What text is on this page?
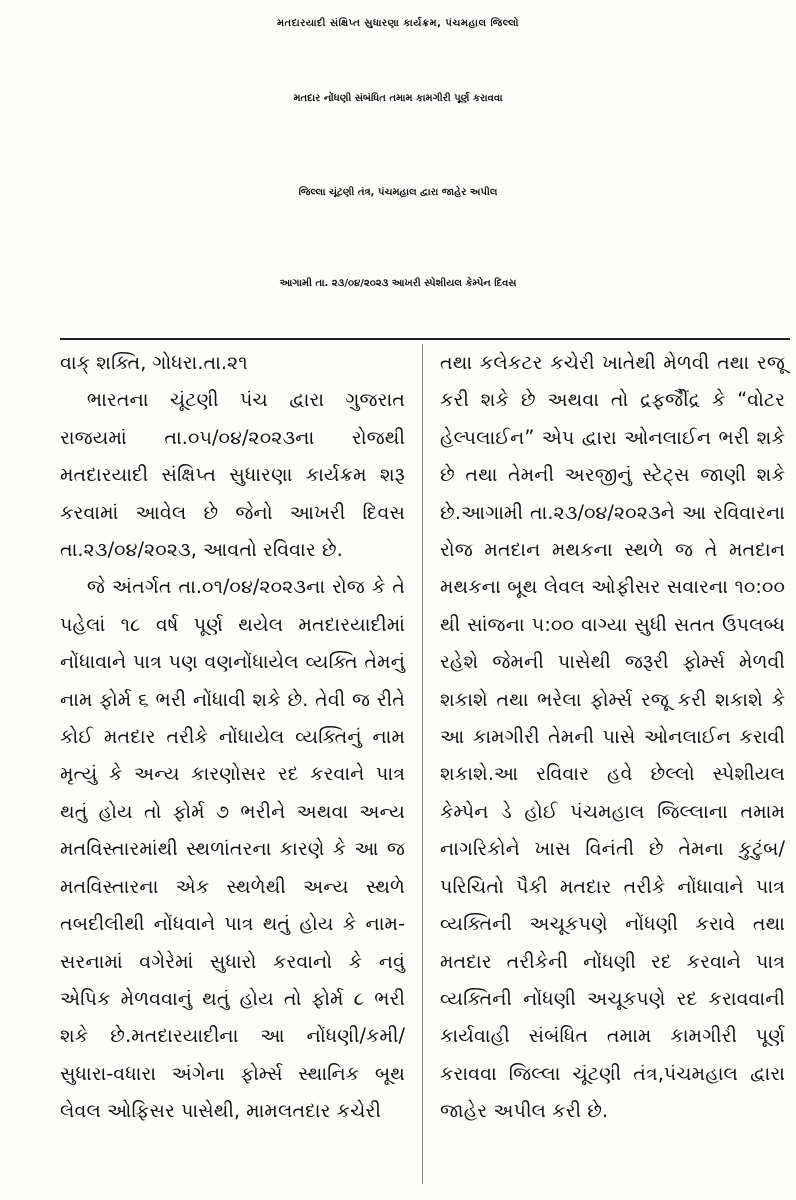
મતદારયાદી સંક્ષિપ્ત સુધારણા કાર્યક્રમ, પંચમહાલ જિલ્લો
મતદાર નોંધણી સંબંધિત તમામ કામગીરી પૂર્ણ કરાવવા
જિલ્લા ચૂંટણી તંત્ર, પંચમહાલ દ્વારા જાહેર અપીલ
આગામી તા. ૨૩/૦૪/૨૦૨૩ આખરી સ્પેશીયલ કેમ્પેન દિવસ
વાક્ શક્તિ, ગોધરા.તા.૨૧

ભારતના ચૂંટણી પંચ દ્વારા ગુજરાત રાજયમાં તા.૦૫/૦૪/૨૦૨૩ના રોજથી મતદારયાદી સંક્ષિપ્ત સુધારણા કાર્યક્રમ શરૂ કરવામાં આવેલ છે જેનો આખરી દિવસ તા.૨૩/૦૪/૨૦૨૩, આવતો રવિવાર છે.

જે અંતર્ગત તા.૦૧/૦૪/૨૦૨૩ના રોજ કે તે પહેલાં ૧૮ વર્ષ પૂર્ણ થયેલ મતદારયાદીમાં નોંધાવાને પાત્ર પણ વણનોંધાયેલ વ્યક્તિ તેમનું નામ ફોર્મ ૬ ભરી નોંધાવી શકે છે. તેવી જ રીતે કોઈ મતદાર તરીકે નોંધાયેલ વ્યક્તિનું નામ મૃત્યું કે અન્ય કારણોસર રદ કરવાને પાત્ર થતું હોય તો ફોર્મ ૭ ભરીને અથવા અન્ય મતવિસ્તારમાંથી સ્થળાંતરના કારણે કે આ જ મતવિસ્તારના એક સ્થળેથી અન્ય સ્થળે તબદીલીથી નોંધવાને પાત્ર થતું હોય કે નામ-સરનામાં વગેરેમાં સુધારો કરવાનો કે નવું એપિક મેળવવાનું થતું હોય તો ફોર્મ ૮ ભરી શકે છે.મતદારયાદીના આ નોંધણી/કમી/સુધારા-વધારા અંગેના ફોર્મ્સ સ્થાનિક બૂથ લેવલ ઓફિસર પાસેથી, મામલતદાર કચેરી

તથા કલેકટર કચેરી ખાતેથી મેળવી તથા રજૂ કરી શકે છે અથવા તો દ્રફજીૈંદ્ર કે “વોટર હેલ્પલાઈન” એપ દ્વારા ઓનલાઈન ભરી શકે છે તથા તેમની અરજીનું સ્ટેટ્સ જાણી શકે છે.આગામી તા.૨૩/૦૪/૨૦૨૩ને આ રવિવારના રોજ મતદાન મથકના સ્થળે જ તે મતદાન મથકના બૂથ લેવલ ઓફીસર સવારના ૧૦:૦૦ થી સાંજના ૫:૦૦ વાગ્યા સુધી સતત ઉપલબ્ધ રહેશે જેમની પાસેથી જરૂરી ફોર્મ્સ મેળવી શકાશે તથા ભરેલા ફોર્મ્સ રજૂ કરી શકાશે કે આ કામગીરી તેમની પાસે ઓનલાઈન કરાવી શકાશે.આ રવિવાર હવે છેલ્લો સ્પેશીયલ કેમ્પેન ડે હોઈ પંચમહાલ જિલ્લાના તમામ નાગરિકોને ખાસ વિનંતી છે તેમના કુટુંબ/પરિચિતો પૈકી મતદાર તરીકે નોંધાવાને પાત્ર વ્યક્તિની અચૂકપણે નોંધણી કરાવે તથા મતદાર તરીકેની નોંધણી રદ કરવાને પાત્ર વ્યક્તિની નોંધણી અચૂકપણે રદ કરાવવાની કાર્યવાહી સંબંધિત તમામ કામગીરી પૂર્ણ કરાવવા જિલ્લા ચૂંટણી તંત્ર,પંચમહાલ દ્વારા જાહેર અપીલ કરી છે.
